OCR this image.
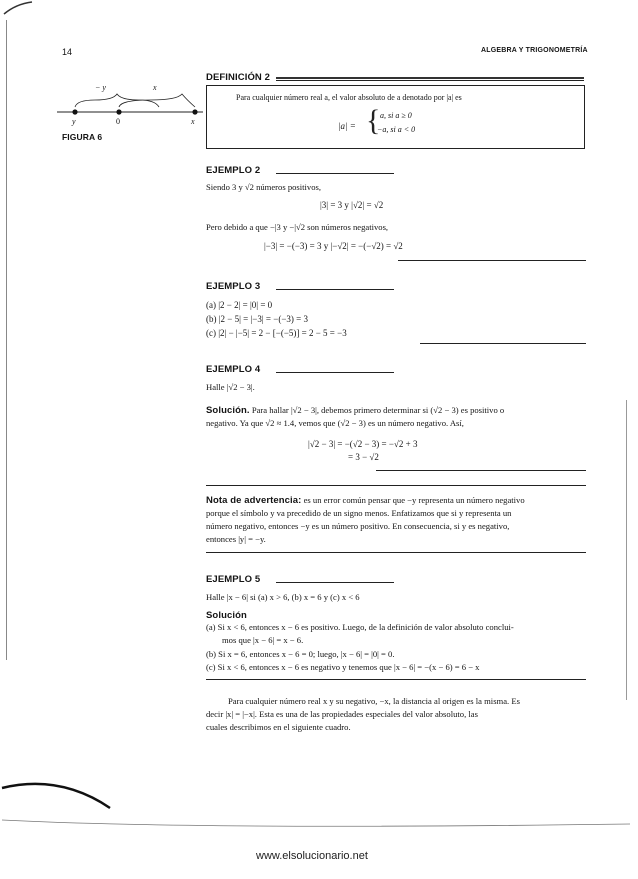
14	ALGEBRA Y TRIGONOMETRÍA
− y	x
y	0	x
FIGURA 6
DEFINICIÓN 2
Para cualquier número real a, el valor absoluto de a denotado por |a| es
|a| = { a, si a ≥ 0
−a, si a < 0
EJEMPLO 2
Siendo 3 y √2 números positivos,
|3| = 3 y |√2| = √2
Pero debido a que −|3 y −|√2 son números negativos,
|−3| = −(−3) = 3 y |−√2| = −(−√2) = √2
EJEMPLO 3
(a) |2 − 2| = |0| = 0
(b) |2 − 5| = |−3| = −(−3) = 3
(c) |2| − |−5| = 2 − [−(−5)] = 2 − 5 = −3
EJEMPLO 4
Halle |√2 − 3|.
Solución. Para hallar |√2 − 3|, debemos primero determinar si (√2 − 3) es positivo o
negativo. Ya que √2 ≈ 1.4, vemos que (√2 − 3) es un número negativo. Así,
|√2 − 3| = −(√2 − 3) = −√2 + 3
= 3 − √2
Nota de advertencia: es un error común pensar que −y representa un número negativo
porque el símbolo y va precedido de un signo menos. Enfatizamos que si y representa un
número negativo, entonces −y es un número positivo. En consecuencia, si y es negativo,
entonces |y| = −y.
EJEMPLO 5
Halle |x − 6| si (a) x > 6, (b) x = 6 y (c) x < 6
Solución
(a) Si x < 6, entonces x − 6 es positivo. Luego, de la definición de valor absoluto conclui-
mos que |x − 6| = x − 6.
(b) Si x = 6, entonces x − 6 = 0; luego, |x − 6| = |0| = 0.
(c) Si x < 6, entonces x − 6 es negativo y tenemos que |x − 6| = −(x − 6) = 6 − x
Para cualquier número real x y su negativo, −x, la distancia al origen es la misma. Es
decir |x| = |−x|. Esta es una de las propiedades especiales del valor absoluto, las
cuales describimos en el siguiente cuadro.
www.elsolucionario.net
